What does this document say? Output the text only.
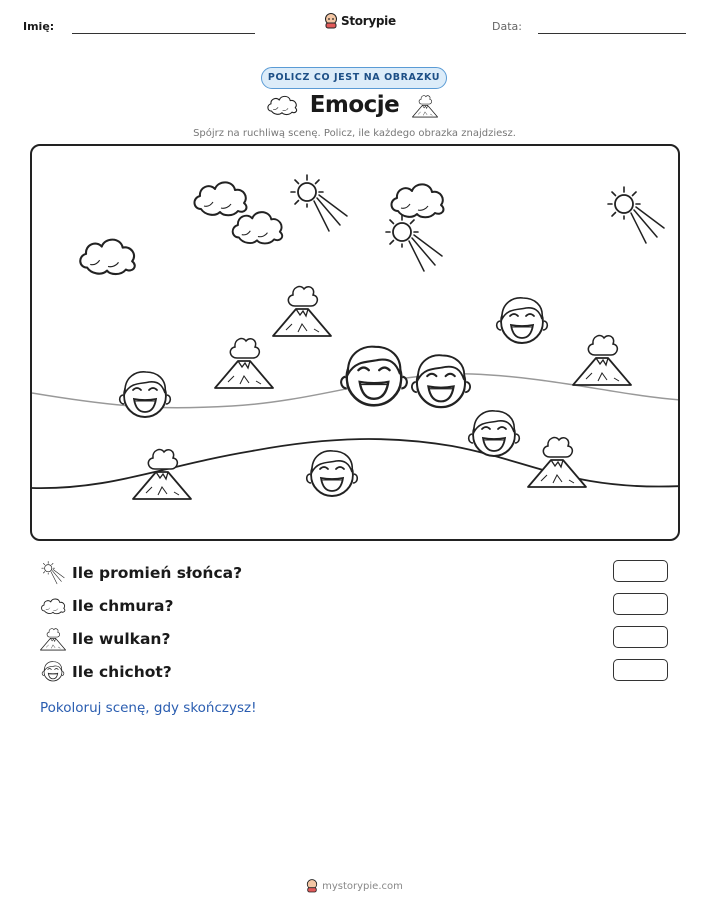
Imię:	Storypie	Data:
POLICZ CO JEST NA OBRAZKU
Emocje
Spójrz na ruchliwą scenę. Policz, ile każdego obrazka znajdziesz.
Ile promień słońca?
Ile chmura?
Ile wulkan?
Ile chichot?
Pokoloruj scenę, gdy skończysz!
mystorypie.com
